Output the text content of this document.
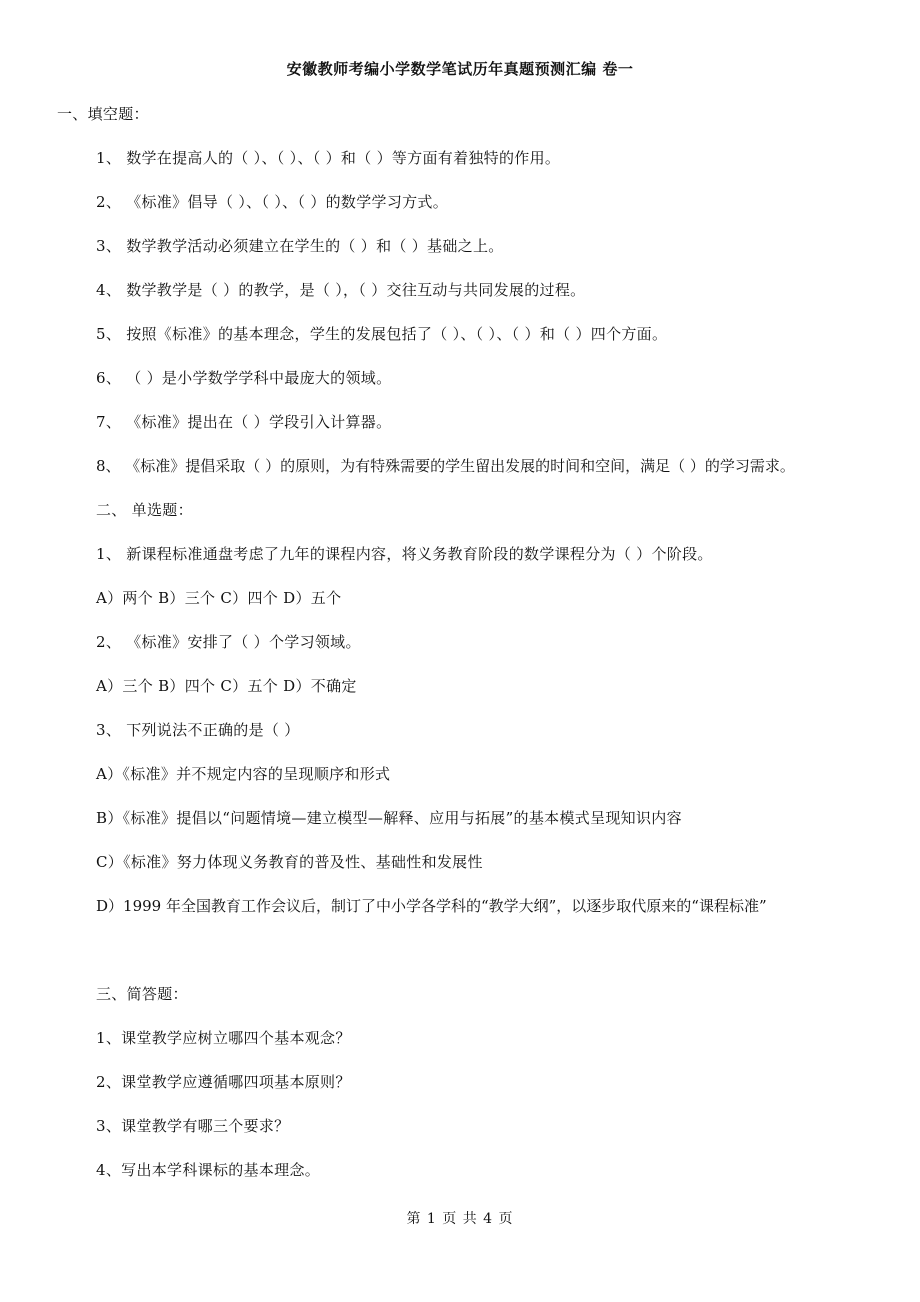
安徽教师考编小学数学笔试历年真题预测汇编 卷一
一、填空题：
1、 数学在提高人的（ ）、（ ）、（ ）和（ ）等方面有着独特的作用。
2、 《标准》倡导（ ）、（ ）、（ ）的数学学习方式。
3、 数学教学活动必须建立在学生的（ ）和（ ）基础之上。
4、 数学教学是（ ）的教学，是（ ），（ ）交往互动与共同发展的过程。
5、 按照《标准》的基本理念，学生的发展包括了（ ）、（ ）、（ ）和（ ）四个方面。
6、 （ ）是小学数学学科中最庞大的领域。
7、 《标准》提出在（ ）学段引入计算器。
8、 《标准》提倡采取（ ）的原则，为有特殊需要的学生留出发展的时间和空间，满足（ ）的学习需求。
二、 单选题：
1、 新课程标准通盘考虑了九年的课程内容，将义务教育阶段的数学课程分为（ ）个阶段。
A）两个 B）三个 C）四个 D）五个
2、 《标准》安排了（ ）个学习领域。
A）三个 B）四个 C）五个 D）不确定
3、 下列说法不正确的是（ ）
A）《标准》并不规定内容的呈现顺序和形式
B）《标准》提倡以“问题情境—建立模型—解释、应用与拓展”的基本模式呈现知识内容
C）《标准》努力体现义务教育的普及性、基础性和发展性
D）1999 年全国教育工作会议后，制订了中小学各学科的“教学大纲”，以逐步取代原来的“课程标准”
三、简答题：
1、课堂教学应树立哪四个基本观念？
2、课堂教学应遵循哪四项基本原则？
3、课堂教学有哪三个要求？
4、写出本学科课标的基本理念。
第 1 页 共 4 页
